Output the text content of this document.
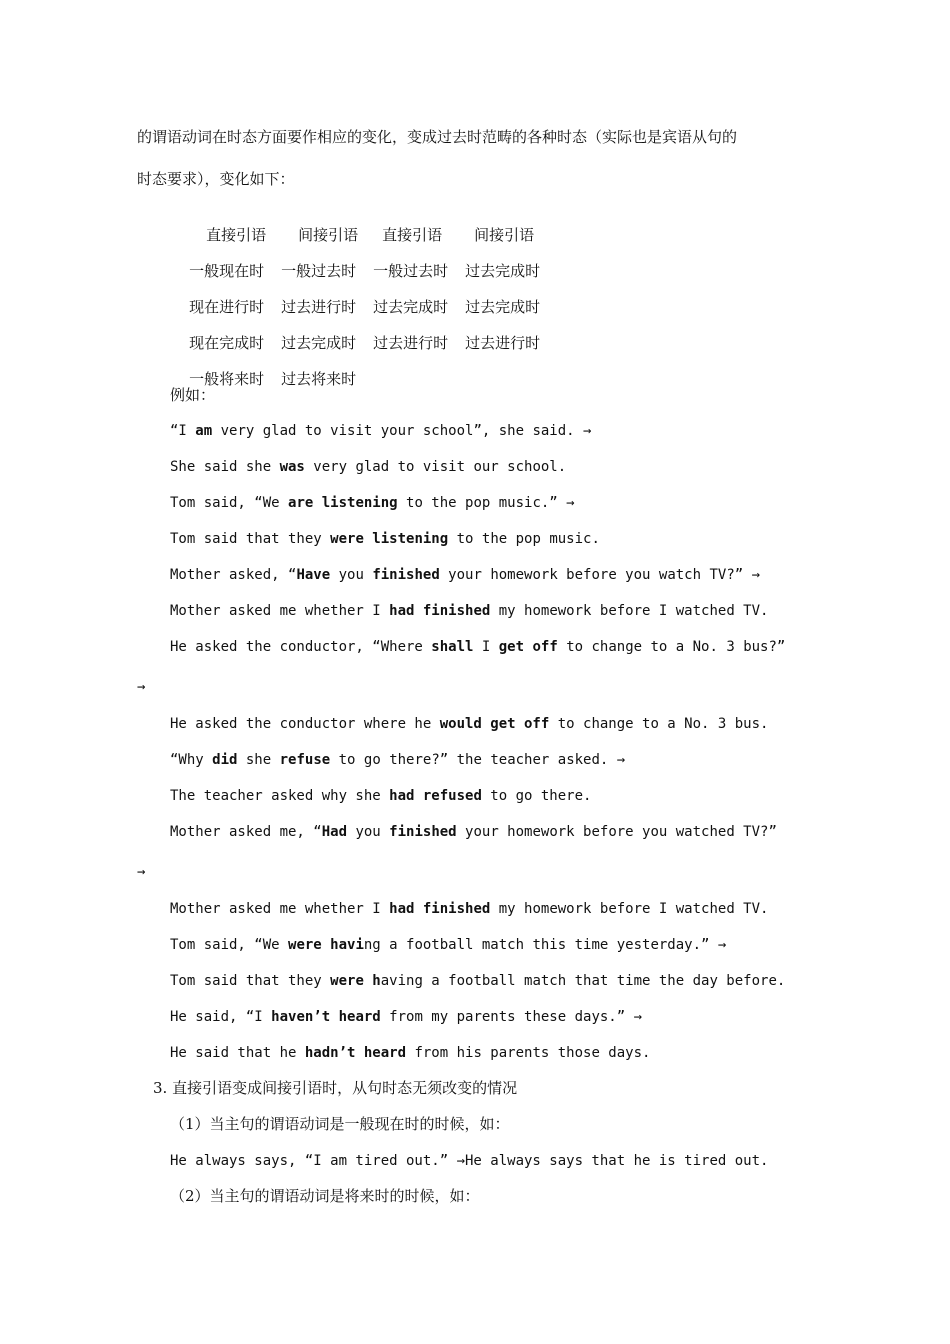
的谓语动词在时态方面要作相应的变化，变成过去时范畴的各种时态（实际也是宾语从句的
时态要求），变化如下：

直接引语 间接引语 直接引语 间接引语

一般现在时 一般过去时 一般过去时 过去完成时

现在进行时 过去进行时 过去完成时 过去完成时

现在完成时 过去完成时 过去进行时 过去进行时

一般将来时 过去将来时

例如：
“I am very glad to visit your school”, she said. →
She said she was very glad to visit our school.
Tom said, “We are listening to the pop music.” →
Tom said that they were listening to the pop music.
Mother asked, “Have you finished your homework before you watch TV?” →
Mother asked me whether I had finished my homework before I watched TV.
He asked the conductor, “Where shall I get off to change to a No. 3 bus?”
→
He asked the conductor where he would get off to change to a No. 3 bus.
“Why did she refuse to go there?” the teacher asked. →
The teacher asked why she had refused to go there.
Mother asked me, “Had you finished your homework before you watched TV?”
→
Mother asked me whether I had finished my homework before I watched TV.
Tom said, “We were having a football match this time yesterday.” →
Tom said that they were having a football match that time the day before.
He said, “I haven’t heard from my parents these days.” →
He said that he hadn’t heard from his parents those days.
3. 直接引语变成间接引语时，从句时态无须改变的情况
（1）当主句的谓语动词是一般现在时的时候，如：
He always says, “I am tired out.” →He always says that he is tired out.
（2）当主句的谓语动词是将来时的时候，如：
